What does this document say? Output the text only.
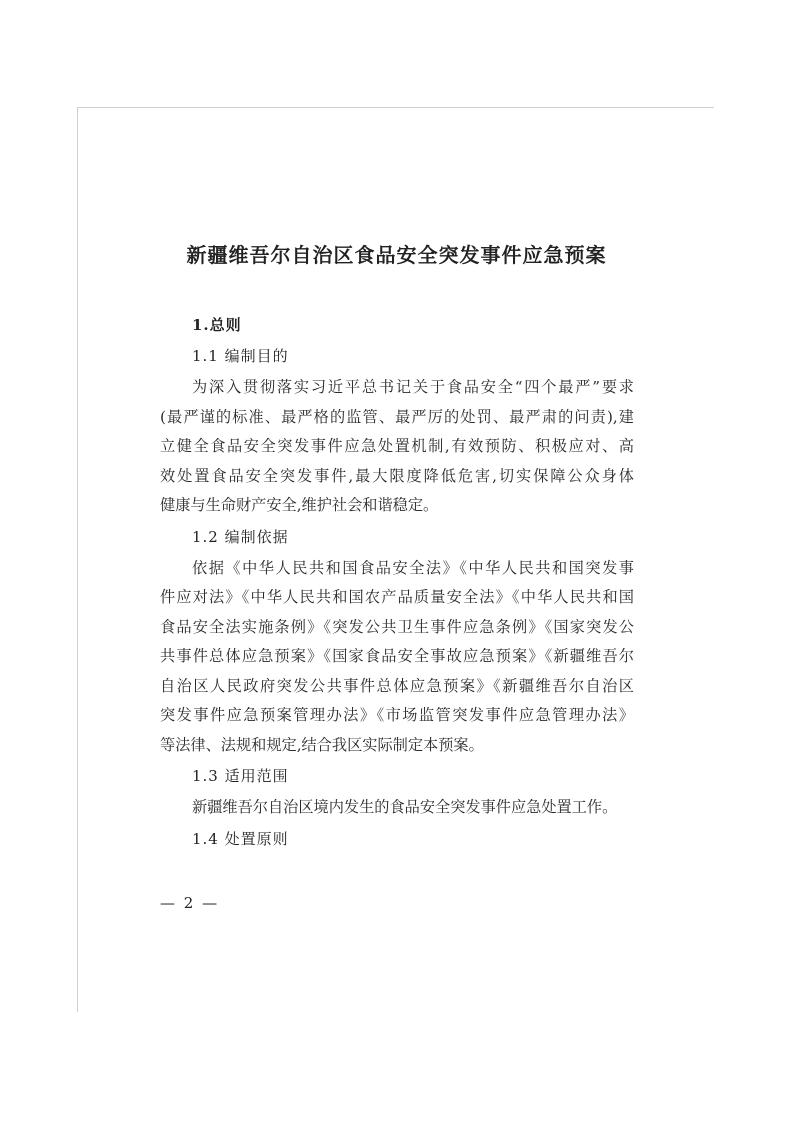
新疆维吾尔自治区食品安全突发事件应急预案
1.总则
1.1 编制目的
为深入贯彻落实习近平总书记关于食品安全“四个最严”要求
(最严谨的标准、最严格的监管、最严厉的处罚、最严肃的问责),建
立健全食品安全突发事件应急处置机制,有效预防、积极应对、高
效处置食品安全突发事件,最大限度降低危害,切实保障公众身体
健康与生命财产安全,维护社会和谐稳定。
1.2 编制依据
依据《中华人民共和国食品安全法》《中华人民共和国突发事
件应对法》《中华人民共和国农产品质量安全法》《中华人民共和国
食品安全法实施条例》《突发公共卫生事件应急条例》《国家突发公
共事件总体应急预案》《国家食品安全事故应急预案》《新疆维吾尔
自治区人民政府突发公共事件总体应急预案》《新疆维吾尔自治区
突发事件应急预案管理办法》《市场监管突发事件应急管理办法》
等法律、法规和规定,结合我区实际制定本预案。
1.3 适用范围
新疆维吾尔自治区境内发生的食品安全突发事件应急处置工作。
1.4 处置原则
— 2 —
